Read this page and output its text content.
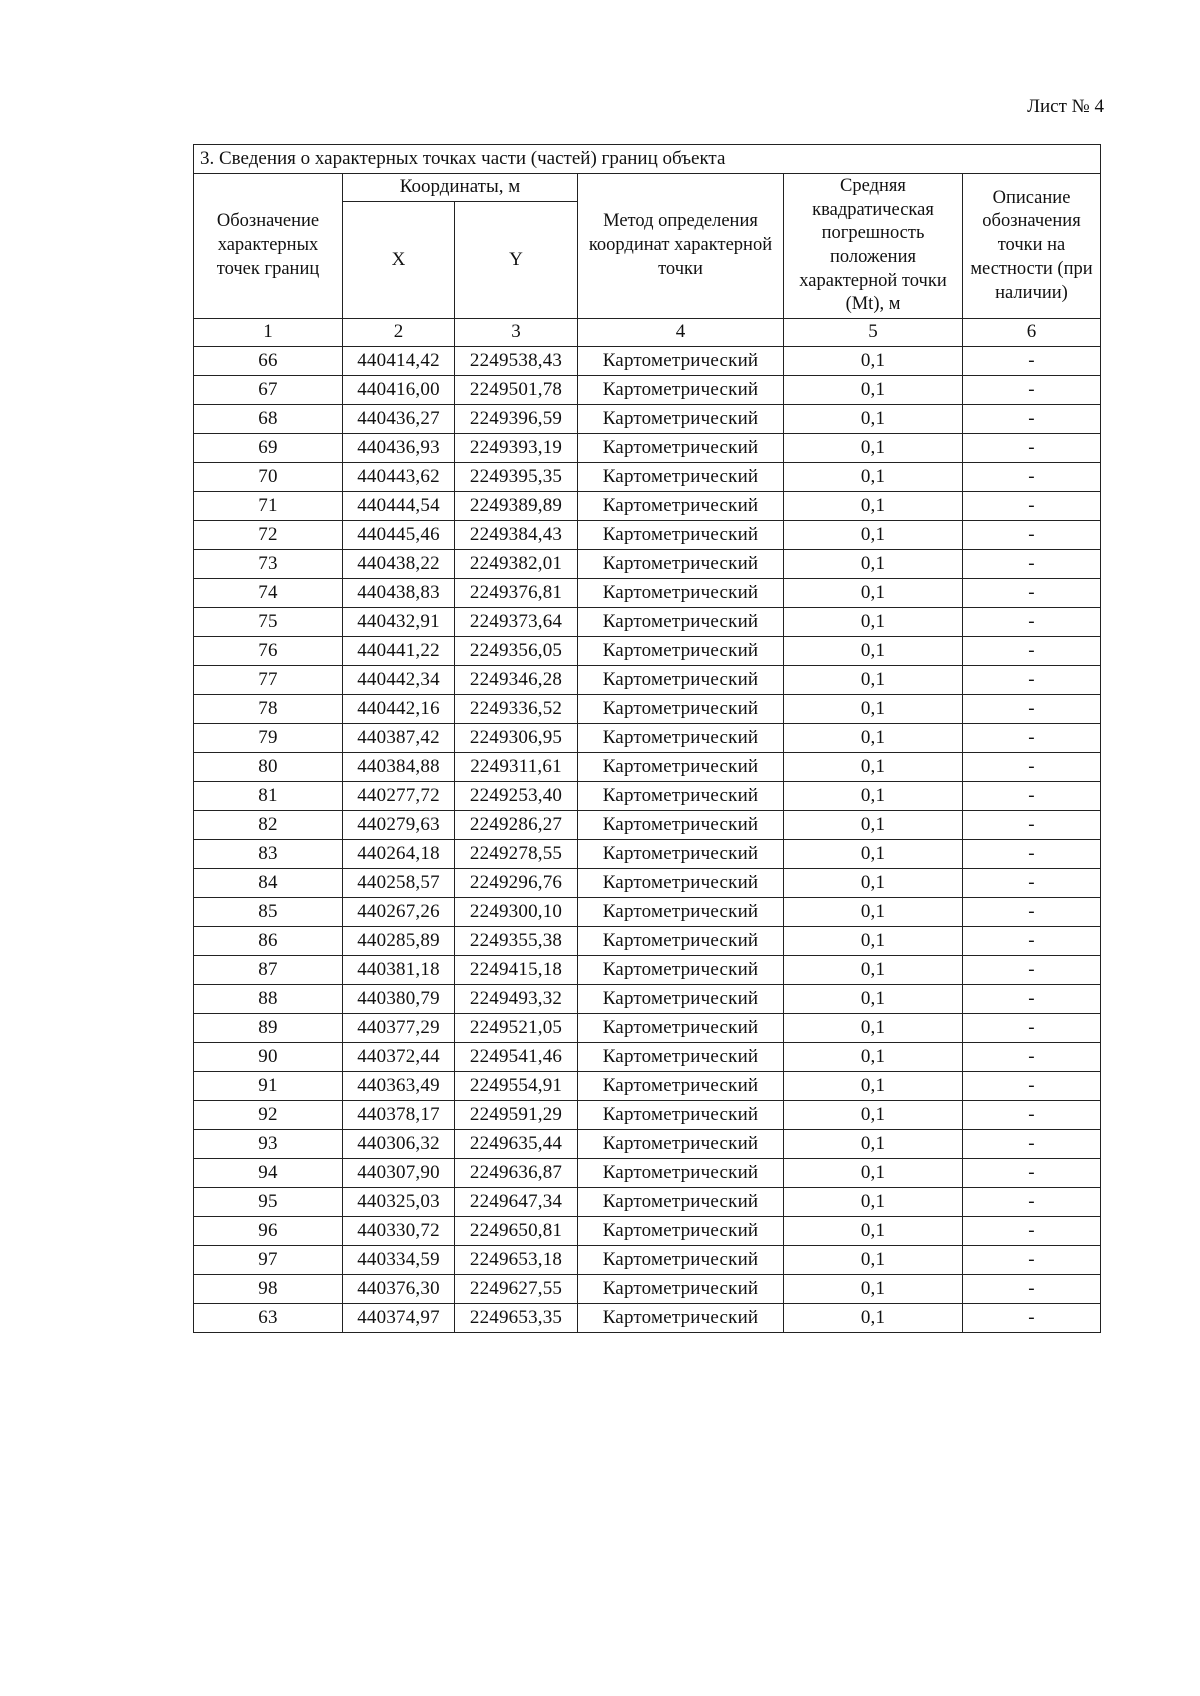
Лист № 4
3. Сведения о характерных точках части (частей) границ объекта					
Обозначение характерных точек границ	Координаты, м		Метод определения координат характерной точки	Средняя квадратическая погрешность положения характерной точки (Mt), м	Описание обозначения точки на местности (при наличии)
	X	Y			
1	2	3	4	5	6
66	440414,42	2249538,43	Картометрический	0,1	-
67	440416,00	2249501,78	Картометрический	0,1	-
68	440436,27	2249396,59	Картометрический	0,1	-
69	440436,93	2249393,19	Картометрический	0,1	-
70	440443,62	2249395,35	Картометрический	0,1	-
71	440444,54	2249389,89	Картометрический	0,1	-
72	440445,46	2249384,43	Картометрический	0,1	-
73	440438,22	2249382,01	Картометрический	0,1	-
74	440438,83	2249376,81	Картометрический	0,1	-
75	440432,91	2249373,64	Картометрический	0,1	-
76	440441,22	2249356,05	Картометрический	0,1	-
77	440442,34	2249346,28	Картометрический	0,1	-
78	440442,16	2249336,52	Картометрический	0,1	-
79	440387,42	2249306,95	Картометрический	0,1	-
80	440384,88	2249311,61	Картометрический	0,1	-
81	440277,72	2249253,40	Картометрический	0,1	-
82	440279,63	2249286,27	Картометрический	0,1	-
83	440264,18	2249278,55	Картометрический	0,1	-
84	440258,57	2249296,76	Картометрический	0,1	-
85	440267,26	2249300,10	Картометрический	0,1	-
86	440285,89	2249355,38	Картометрический	0,1	-
87	440381,18	2249415,18	Картометрический	0,1	-
88	440380,79	2249493,32	Картометрический	0,1	-
89	440377,29	2249521,05	Картометрический	0,1	-
90	440372,44	2249541,46	Картометрический	0,1	-
91	440363,49	2249554,91	Картометрический	0,1	-
92	440378,17	2249591,29	Картометрический	0,1	-
93	440306,32	2249635,44	Картометрический	0,1	-
94	440307,90	2249636,87	Картометрический	0,1	-
95	440325,03	2249647,34	Картометрический	0,1	-
96	440330,72	2249650,81	Картометрический	0,1	-
97	440334,59	2249653,18	Картометрический	0,1	-
98	440376,30	2249627,55	Картометрический	0,1	-
63	440374,97	2249653,35	Картометрический	0,1	-
